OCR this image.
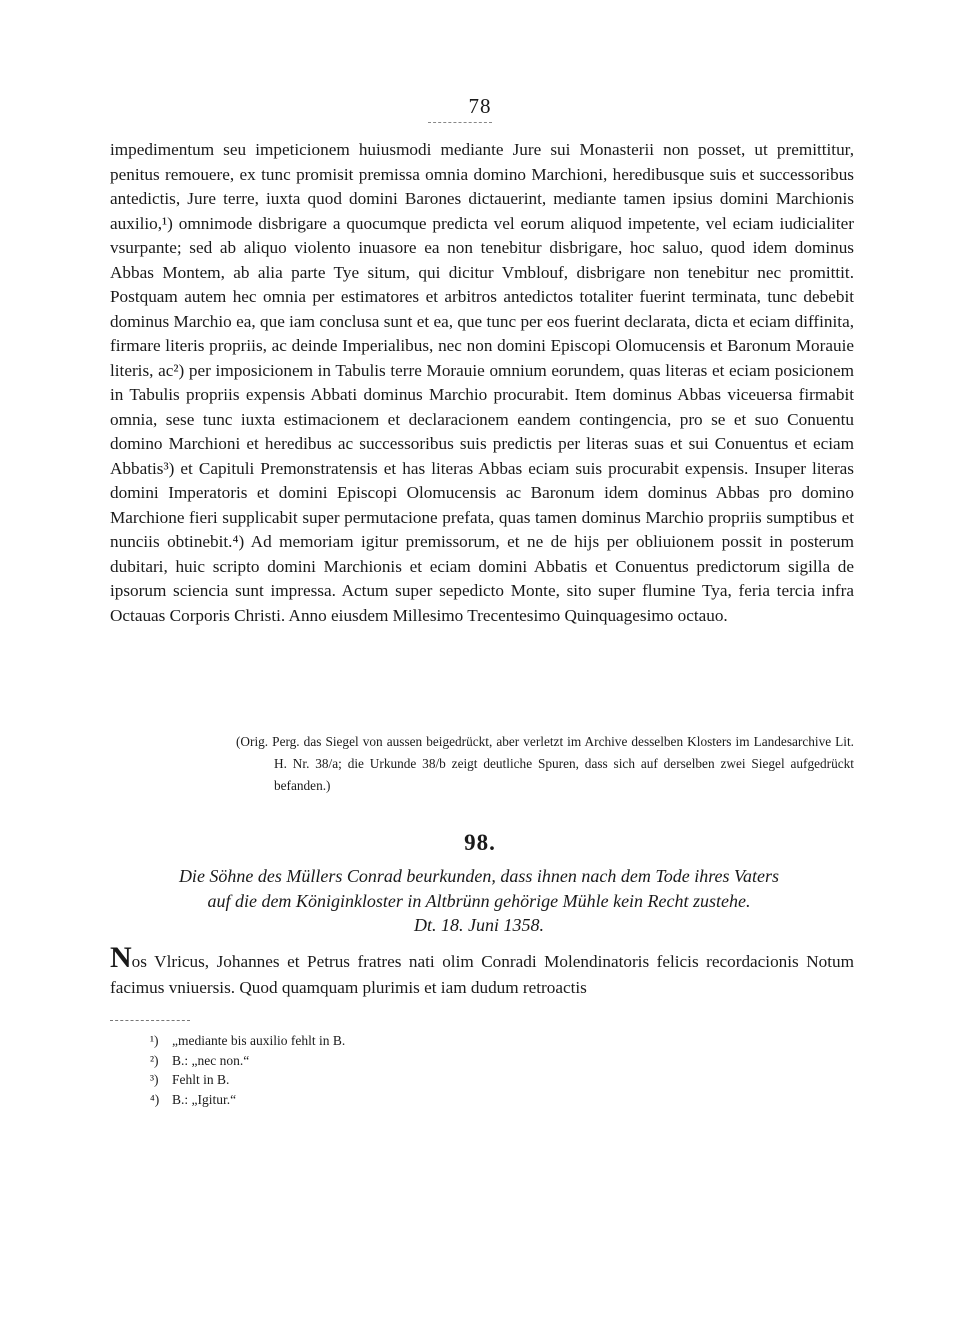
78

impedimentum seu impeticionem huiusmodi mediante Jure sui Monasterii non posset, ut premittitur, penitus remouere, ex tunc promisit premissa omnia domino Marchioni, heredibusque suis et successoribus antedictis, Jure terre, iuxta quod domini Barones dictauerint, mediante tamen ipsius domini Marchionis auxilio,¹) omnimode disbrigare a quocumque predicta vel eorum aliquod impetente, vel eciam iudicialiter vsurpante; sed ab aliquo violento inuasore ea non tenebitur disbrigare, hoc saluo, quod idem dominus Abbas Montem, ab alia parte Tye situm, qui dicitur Vmblouf, disbrigare non tenebitur nec promittit. Postquam autem hec omnia per estimatores et arbitros antedictos totaliter fuerint terminata, tunc debebit dominus Marchio ea, que iam conclusa sunt et ea, que tunc per eos fuerint declarata, dicta et eciam diffinita, firmare literis propriis, ac deinde Imperialibus, nec non domini Episcopi Olomucensis et Baronum Morauie literis, ac²) per imposicionem in Tabulis terre Morauie omnium eorundem, quas literas et eciam posicionem in Tabulis propriis expensis Abbati dominus Marchio procurabit. Item dominus Abbas viceuersa firmabit omnia, sese tunc iuxta estimacionem et declaracionem eandem contingencia, pro se et suo Conuentu domino Marchioni et heredibus ac successoribus suis predictis per literas suas et sui Conuentus et eciam Abbatis³) et Capituli Premonstratensis et has literas Abbas eciam suis procurabit expensis. Insuper literas domini Imperatoris et domini Episcopi Olomucensis ac Baronum idem dominus Abbas pro domino Marchione fieri supplicabit super permutacione prefata, quas tamen dominus Marchio propriis sumptibus et nunciis obtinebit.⁴) Ad memoriam igitur premissorum, et ne de hijs per obliuionem possit in posterum dubitari, huic scripto domini Marchionis et eciam domini Abbatis et Conuentus predictorum sigilla de ipsorum sciencia sunt impressa. Actum super sepedicto Monte, sito super flumine Tya, feria tercia infra Octauas Corporis Christi. Anno eiusdem Millesimo Trecentesimo Quinquagesimo octauo.

(Orig. Perg. das Siegel von aussen beigedrückt, aber verletzt im Archive desselben Klosters im Landesarchive Lit. H. Nr. 38/a; die Urkunde 38/b zeigt deutliche Spuren, dass sich auf derselben zwei Siegel aufgedrückt befanden.)

98.

Die Söhne des Müllers Conrad beurkunden, dass ihnen nach dem Tode ihres Vaters

auf die dem Königinkloster in Altbrünn gehörige Mühle kein Recht zustehe.

Dt. 18. Juni 1358.

Nos Vlricus, Johannes et Petrus fratres nati olim Conradi Molendinatoris felicis recordacionis Notum facimus vniuersis. Quod quamquam plurimis et iam dudum retroactis

¹) „mediante bis auxilio fehlt in B.

²) B.: „nec non.“

³) Fehlt in B.

⁴) B.: „Igitur.“
